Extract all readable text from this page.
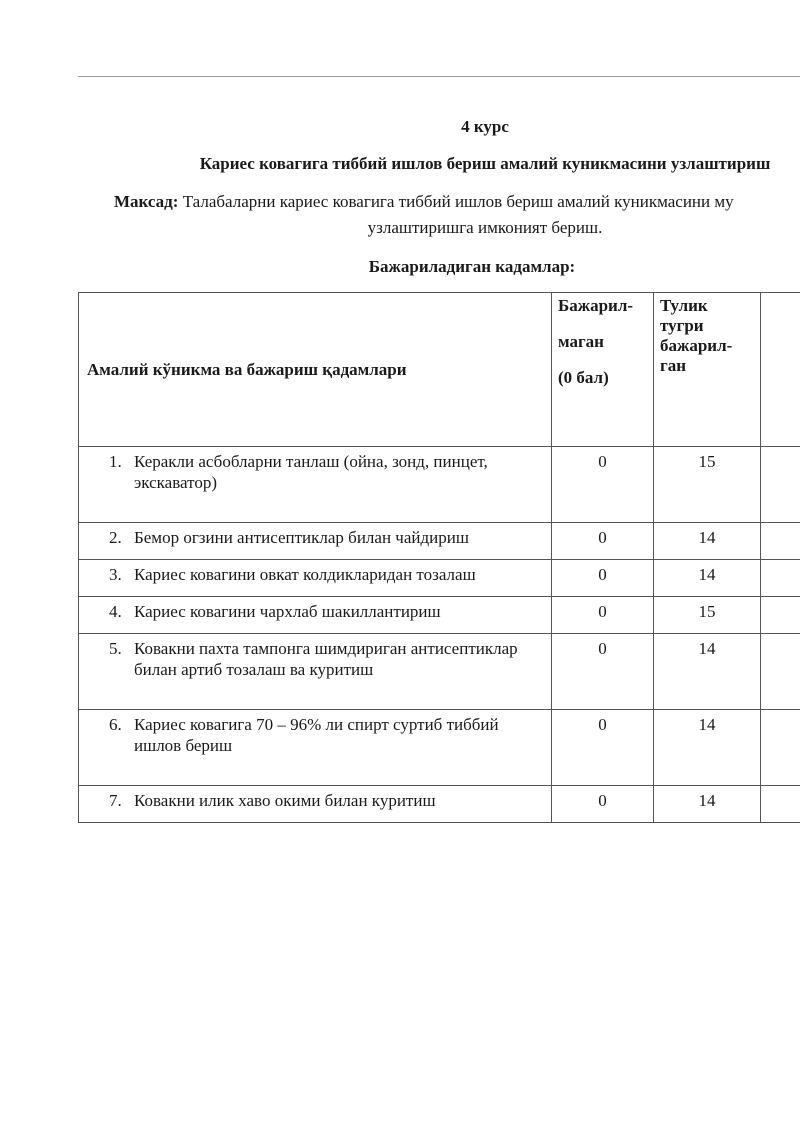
4 курс
Кариес ковагига тиббий ишлов бериш амалий куникмасини узлаштириш
Максад: Талабаларни кариес ковагига тиббий ишлов бериш амалий куникмасини му
узлаштиришга имконият бериш.
Бажариладиган кадамлар:
Амалий кўникма ва бажариш қадамлари	Бажарил-
маган
(0 бал)	Тулик
тугри
бажарил-
ган	

1. Керакли асбобларни танлаш (ойна, зонд, пинцет, экскаватор)	0	15	

2. Бемор огзини антисептиклар билан чайдириш	0	14	

3. Кариес ковагини овкат колдикларидан тозалаш	0	14	

4. Кариес ковагини чархлаб шакиллантириш	0	15	

5. Ковакни пахта тампонга шимдириган антисептиклар билан артиб тозалаш ва куритиш	0	14	

6. Кариес ковагига 70 – 96% ли спирт суртиб тиббий ишлов бериш	0	14	

7. Ковакни илик хаво окими билан куритиш	0	14	
